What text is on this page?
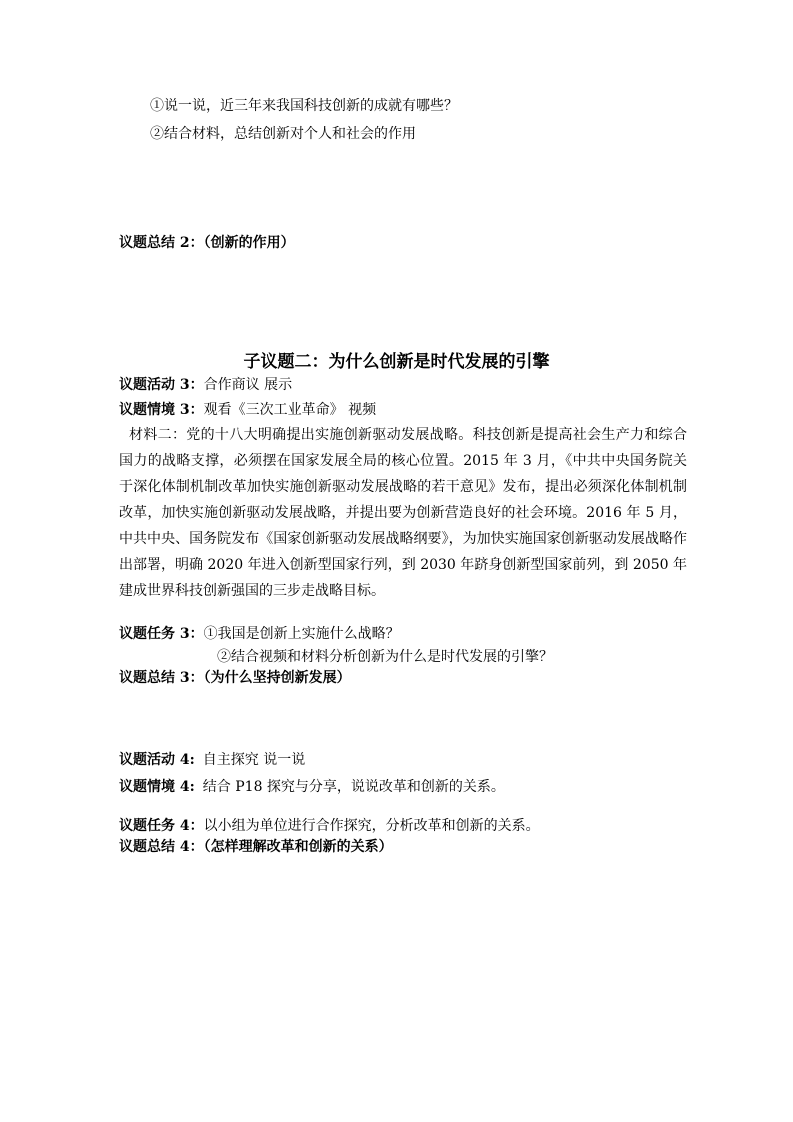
①说一说，近三年来我国科技创新的成就有哪些？
②结合材料，总结创新对个人和社会的作用
议题总结 2：（创新的作用）
子议题二：为什么创新是时代发展的引擎
议题活动 3：合作商议 展示
议题情境 3：观看《三次工业革命》 视频
材料二：党的十八大明确提出实施创新驱动发展战略。科技创新是提高社会生产力和综合国力的战略支撑，必须摆在国家发展全局的核心位置。2015 年 3 月，《中共中央国务院关于深化体制机制改革加快实施创新驱动发展战略的若干意见》发布，提出必须深化体制机制改革，加快实施创新驱动发展战略，并提出要为创新营造良好的社会环境。2016 年 5 月，中共中央、国务院发布《国家创新驱动发展战略纲要》，为加快实施国家创新驱动发展战略作出部署，明确 2020 年进入创新型国家行列，到 2030 年跻身创新型国家前列，到 2050 年建成世界科技创新强国的三步走战略目标。
议题任务 3：①我国是创新上实施什么战略？
②结合视频和材料分析创新为什么是时代发展的引擎？
议题总结 3：（为什么坚持创新发展）
议题活动 4: 自主探究 说一说
议题情境 4: 结合 P18 探究与分享，说说改革和创新的关系。
议题任务 4：以小组为单位进行合作探究，分析改革和创新的关系。
议题总结 4：（怎样理解改革和创新的关系）
